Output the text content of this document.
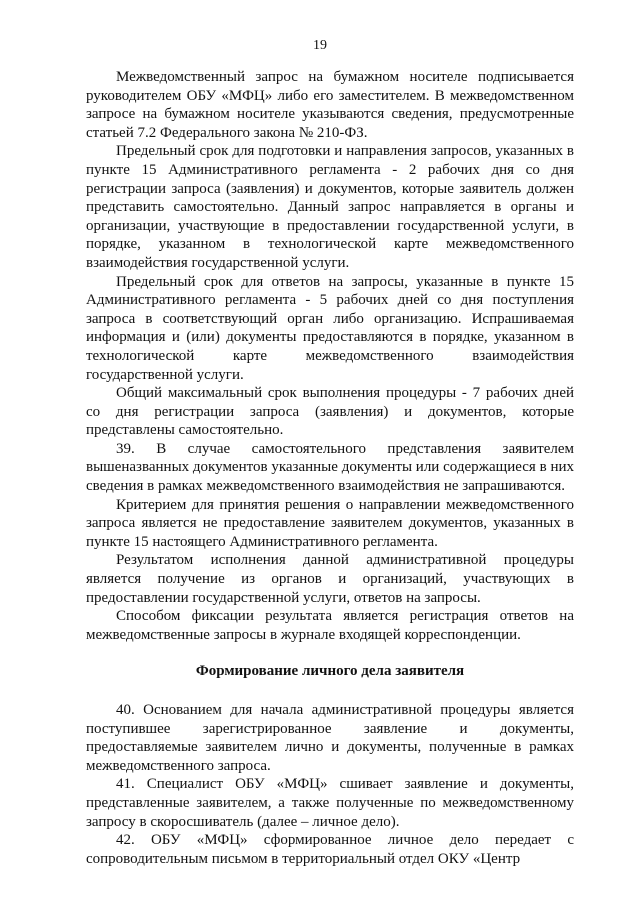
19

Межведомственный запрос на бумажном носителе подписывается руководителем ОБУ «МФЦ» либо его заместителем. В межведомственном запросе на бумажном носителе указываются сведения, предусмотренные статьей 7.2 Федерального закона № 210-ФЗ.

Предельный срок для подготовки и направления запросов, указанных в пункте 15 Административного регламента - 2 рабочих дня со дня регистрации запроса (заявления) и документов, которые заявитель должен представить самостоятельно. Данный запрос направляется в органы и организации, участвующие в предоставлении государственной услуги, в порядке, указанном в технологической карте межведомственного взаимодействия государственной услуги.

Предельный срок для ответов на запросы, указанные в пункте 15 Административного регламента - 5 рабочих дней со дня поступления запроса в соответствующий орган либо организацию. Испрашиваемая информация и (или) документы предоставляются в порядке, указанном в технологической карте межведомственного взаимодействия государственной услуги.

Общий максимальный срок выполнения процедуры - 7 рабочих дней со дня регистрации запроса (заявления) и документов, которые представлены самостоятельно.

39. В случае самостоятельного представления заявителем вышеназванных документов указанные документы или содержащиеся в них сведения в рамках межведомственного взаимодействия не запрашиваются.

Критерием для принятия решения о направлении межведомственного запроса является не предоставление заявителем документов, указанных в пункте 15 настоящего Административного регламента.

Результатом исполнения данной административной процедуры является получение из органов и организаций, участвующих в предоставлении государственной услуги, ответов на запросы.

Способом фиксации результата является регистрация ответов на межведомственные запросы в журнале входящей корреспонденции.

Формирование личного дела заявителя

40. Основанием для начала административной процедуры является поступившее зарегистрированное заявление и документы, предоставляемые заявителем лично и документы, полученные в рамках межведомственного запроса.

41. Специалист ОБУ «МФЦ» сшивает заявление и документы, представленные заявителем, а также полученные по межведомственному запросу в скоросшиватель (далее – личное дело).

42. ОБУ «МФЦ» сформированное личное дело передает с сопроводительным письмом в территориальный отдел ОКУ «Центр
